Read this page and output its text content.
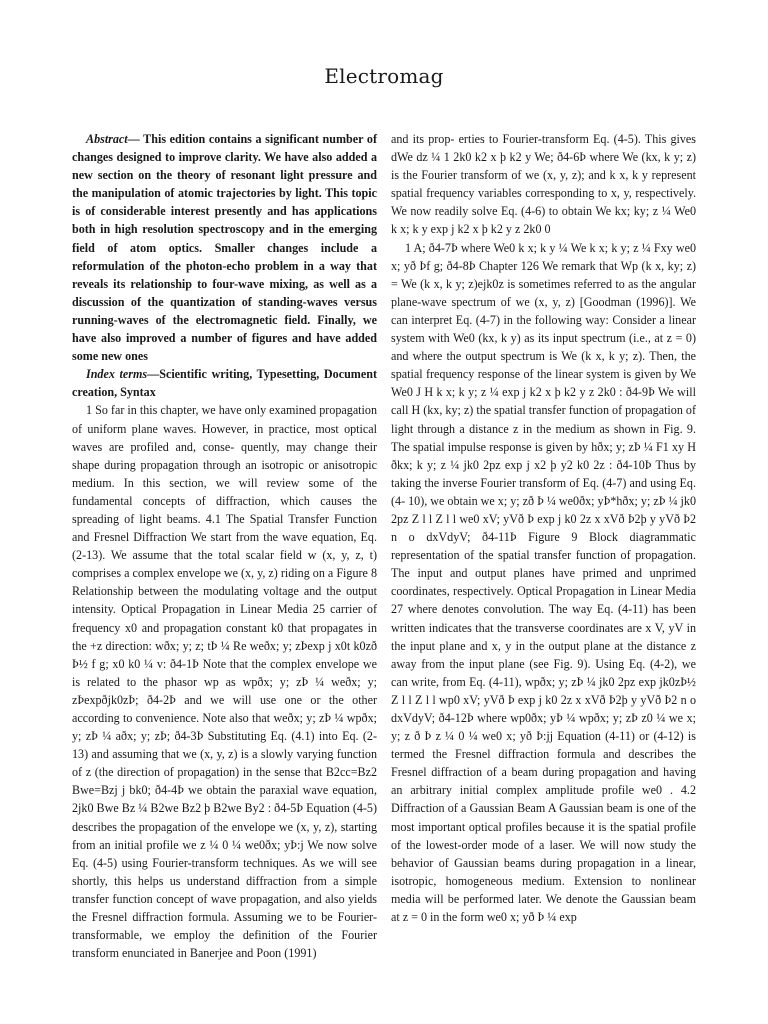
Electromag

Abstract— This edition contains a significant number of changes designed to improve clarity. We have also added a new section on the theory of resonant light pressure and the manipulation of atomic trajectories by light. This topic is of considerable interest presently and has applications both in high resolution spectroscopy and in the emerging field of atom optics. Smaller changes include a reformulation of the photon-echo problem in a way that reveals its relationship to four-wave mixing, as well as a discussion of the quantization of standing-waves versus running-waves of the electromagnetic field. Finally, we have also improved a number of figures and have added some new ones

Index terms—Scientific writing, Typesetting, Document creation, Syntax

1 So far in this chapter, we have only examined propagation of uniform plane waves. However, in practice, most optical waves are profiled and, conse- quently, may change their shape during propagation through an isotropic or anisotropic medium. In this section, we will review some of the fundamental concepts of diffraction, which causes the spreading of light beams. 4.1 The Spatial Transfer Function and Fresnel Diffraction We start from the wave equation, Eq. (2-13). We assume that the total scalar field w (x, y, z, t) comprises a complex envelope we (x, y, z) riding on a Figure 8 Relationship between the modulating voltage and the output intensity. Optical Propagation in Linear Media 25 carrier of frequency x0 and propagation constant k0 that propagates in the +z direction: wðx; y; z; tÞ ¼ Re weðx; y; zÞexp j x0t k0zð Þ½ f g; x0 k0 ¼ v: ð4-1Þ Note that the complex envelope we is related to the phasor wp as wpðx; y; zÞ ¼ weðx; y; zÞexpðjk0zÞ; ð4-2Þ and we will use one or the other according to convenience. Note also that weðx; y; zÞ ¼ wpðx; y; zÞ ¼ aðx; y; zÞ; ð4-3Þ Substituting Eq. (4.1) into Eq. (2-13) and assuming that we (x, y, z) is a slowly varying function of z (the direction of propagation) in the sense that B2cc=Bz2 Bwe=Bzj j bk0; ð4-4Þ we obtain the paraxial wave equation, 2jk0 Bwe Bz ¼ B2we Bz2 þ B2we By2 : ð4-5Þ Equation (4-5) describes the propagation of the envelope we (x, y, z), starting from an initial profile we z ¼ 0 ¼ we0ðx; yÞ:j We now solve Eq. (4-5) using Fourier-transform techniques. As we will see shortly, this helps us understand diffraction from a simple transfer function concept of wave propagation, and also yields the Fresnel diffraction formula. Assuming we to be Fourier-transformable, we employ the definition of the Fourier transform enunciated in Banerjee and Poon (1991)

and its prop- erties to Fourier-transform Eq. (4-5). This gives dWe dz ¼ 1 2k0 k2 x þ k2 y We; ð4-6Þ where We (kx, k y; z) is the Fourier transform of we (x, y, z); and k x, k y represent spatial frequency variables corresponding to x, y, respectively. We now readily solve Eq. (4-6) to obtain We kx; ky; z ¼ We0 k x; k y exp j k2 x þ k2 y z 2k0 0

1 A; ð4-7Þ where We0 k x; k y ¼ We k x; k y; z ¼ Fxy we0 x; yð Þf g; ð4-8Þ Chapter 126 We remark that Wp (k x, ky; z) = We (k x, k y; z)ejk0z is sometimes referred to as the angular plane-wave spectrum of we (x, y, z) [Goodman (1996)]. We can interpret Eq. (4-7) in the following way: Consider a linear system with We0 (kx, k y) as its input spectrum (i.e., at z = 0) and where the output spectrum is We (k x, k y; z). Then, the spatial frequency response of the linear system is given by We We0 J H k x; k y; z ¼ exp j k2 x þ k2 y z 2k0 : ð4-9Þ We will call H (kx, ky; z) the spatial transfer function of propagation of light through a distance z in the medium as shown in Fig. 9. The spatial impulse response is given by hðx; y; zÞ ¼ F1 xy H ðkx; k y; z ¼ jk0 2pz exp j x2 þ y2 k0 2z : ð4-10Þ Thus by taking the inverse Fourier transform of Eq. (4-7) and using Eq. (4- 10), we obtain we x; y; zð Þ ¼ we0ðx; yÞ*hðx; y; zÞ ¼ jk0 2pz Z l l Z l l we0 xV; yVð Þ exp j k0 2z x xVð Þ2þ y yVð Þ2 n o dxVdyV; ð4-11Þ Figure 9 Block diagrammatic representation of the spatial transfer function of propagation. The input and output planes have primed and unprimed coordinates, respectively. Optical Propagation in Linear Media 27 where denotes convolution. The way Eq. (4-11) has been written indicates that the transverse coordinates are x V, yV in the input plane and x, y in the output plane at the distance z away from the input plane (see Fig. 9). Using Eq. (4-2), we can write, from Eq. (4-11), wpðx; y; zÞ ¼ jk0 2pz exp jk0zÞ½ Z l l Z l l wp0 xV; yVð Þ exp j k0 2z x xVð Þ2þ y yVð Þ2 n o dxVdyV; ð4-12Þ where wp0ðx; yÞ ¼ wpðx; y; zÞ z0 ¼ we x; y; z ð Þ z ¼ 0 ¼ we0 x; yð Þ:jj Equation (4-11) or (4-12) is termed the Fresnel diffraction formula and describes the Fresnel diffraction of a beam during propagation and having an arbitrary initial complex amplitude profile we0 . 4.2 Diffraction of a Gaussian Beam A Gaussian beam is one of the most important optical profiles because it is the spatial profile of the lowest-order mode of a laser. We will now study the behavior of Gaussian beams during propagation in a linear, isotropic, homogeneous medium. Extension to nonlinear media will be performed later. We denote the Gaussian beam at z = 0 in the form we0 x; yð Þ ¼ exp
